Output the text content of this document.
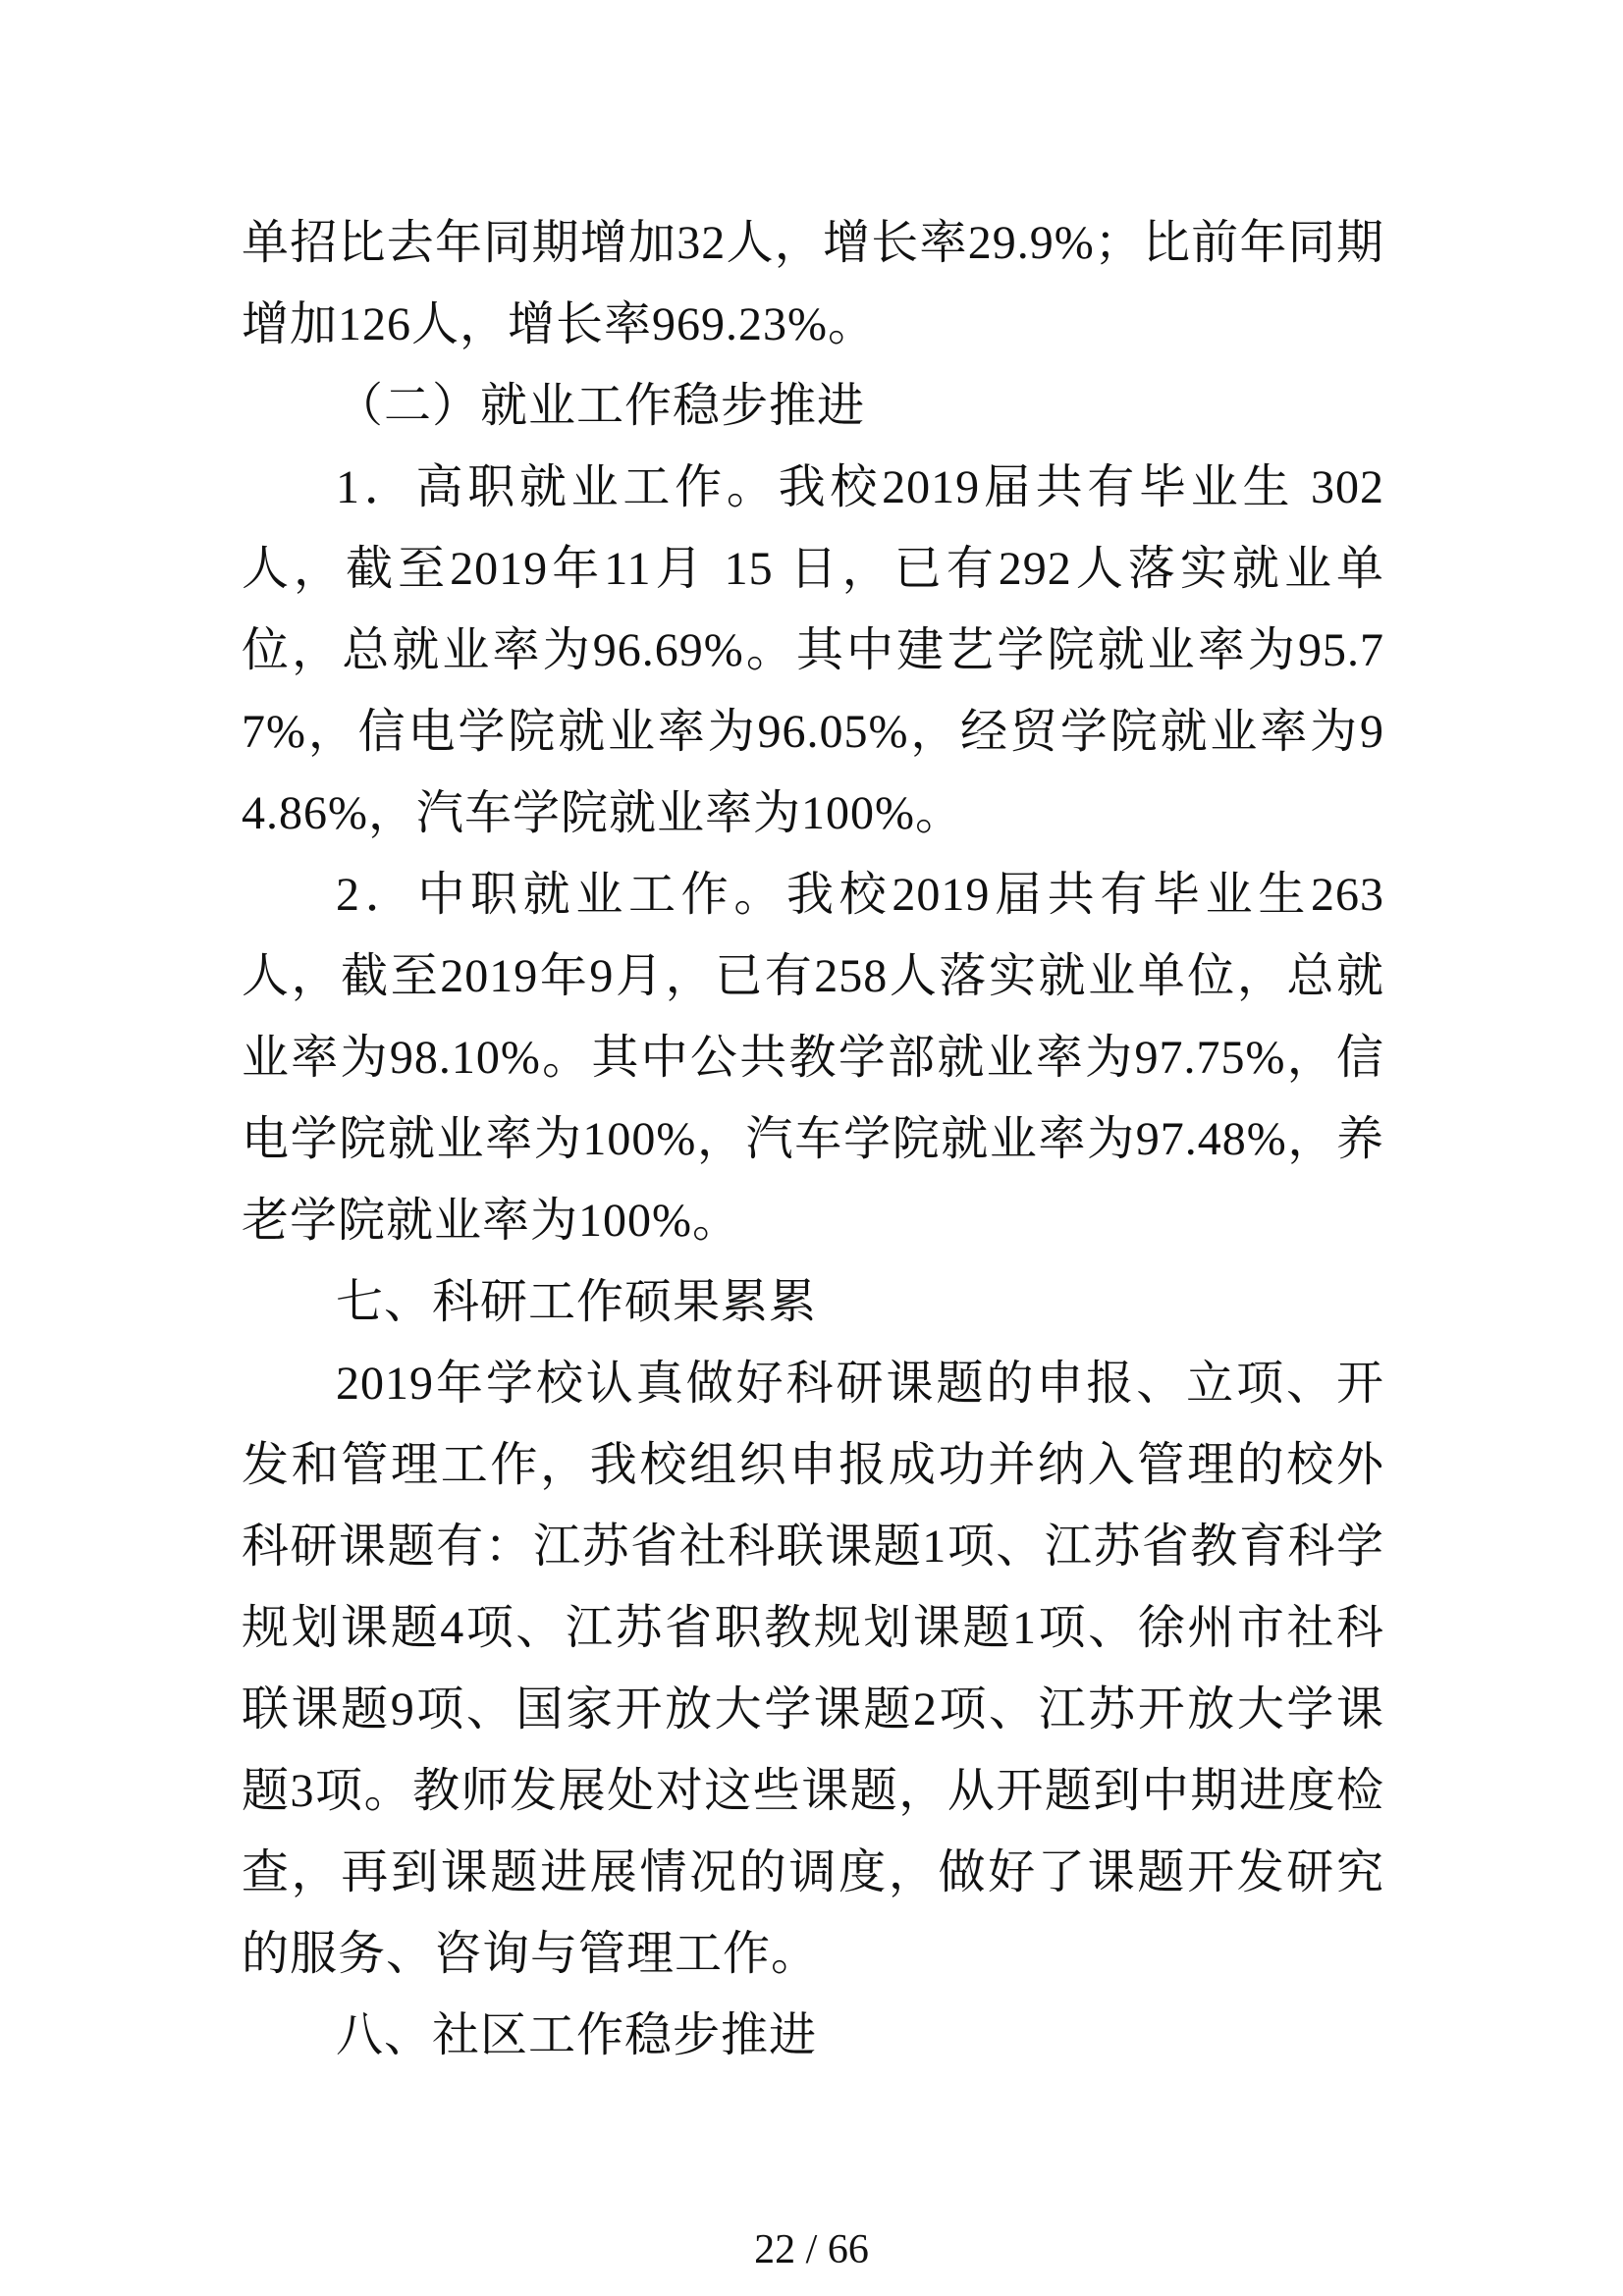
单招比去年同期增加32人，增长率29.9%；比前年同期增加126人，增长率969.23%。

（二）就业工作稳步推进

1．高职就业工作。我校2019届共有毕业生 302 人，截至2019年11月 15 日，已有292人落实就业单位，总就业率为96.69%。其中建艺学院就业率为95.77%，信电学院就业率为96.05%，经贸学院就业率为94.86%，汽车学院就业率为100%。

2．中职就业工作。我校2019届共有毕业生263人，截至2019年9月，已有258人落实就业单位，总就业率为98.10%。其中公共教学部就业率为97.75%，信电学院就业率为100%，汽车学院就业率为97.48%，养老学院就业率为100%。

七、科研工作硕果累累

2019年学校认真做好科研课题的申报、立项、开发和管理工作，我校组织申报成功并纳入管理的校外科研课题有：江苏省社科联课题1项、江苏省教育科学规划课题4项、江苏省职教规划课题1项、徐州市社科联课题9项、国家开放大学课题2项、江苏开放大学课题3项。教师发展处对这些课题，从开题到中期进度检查，再到课题进展情况的调度，做好了课题开发研究的服务、咨询与管理工作。

八、社区工作稳步推进

22 / 66
